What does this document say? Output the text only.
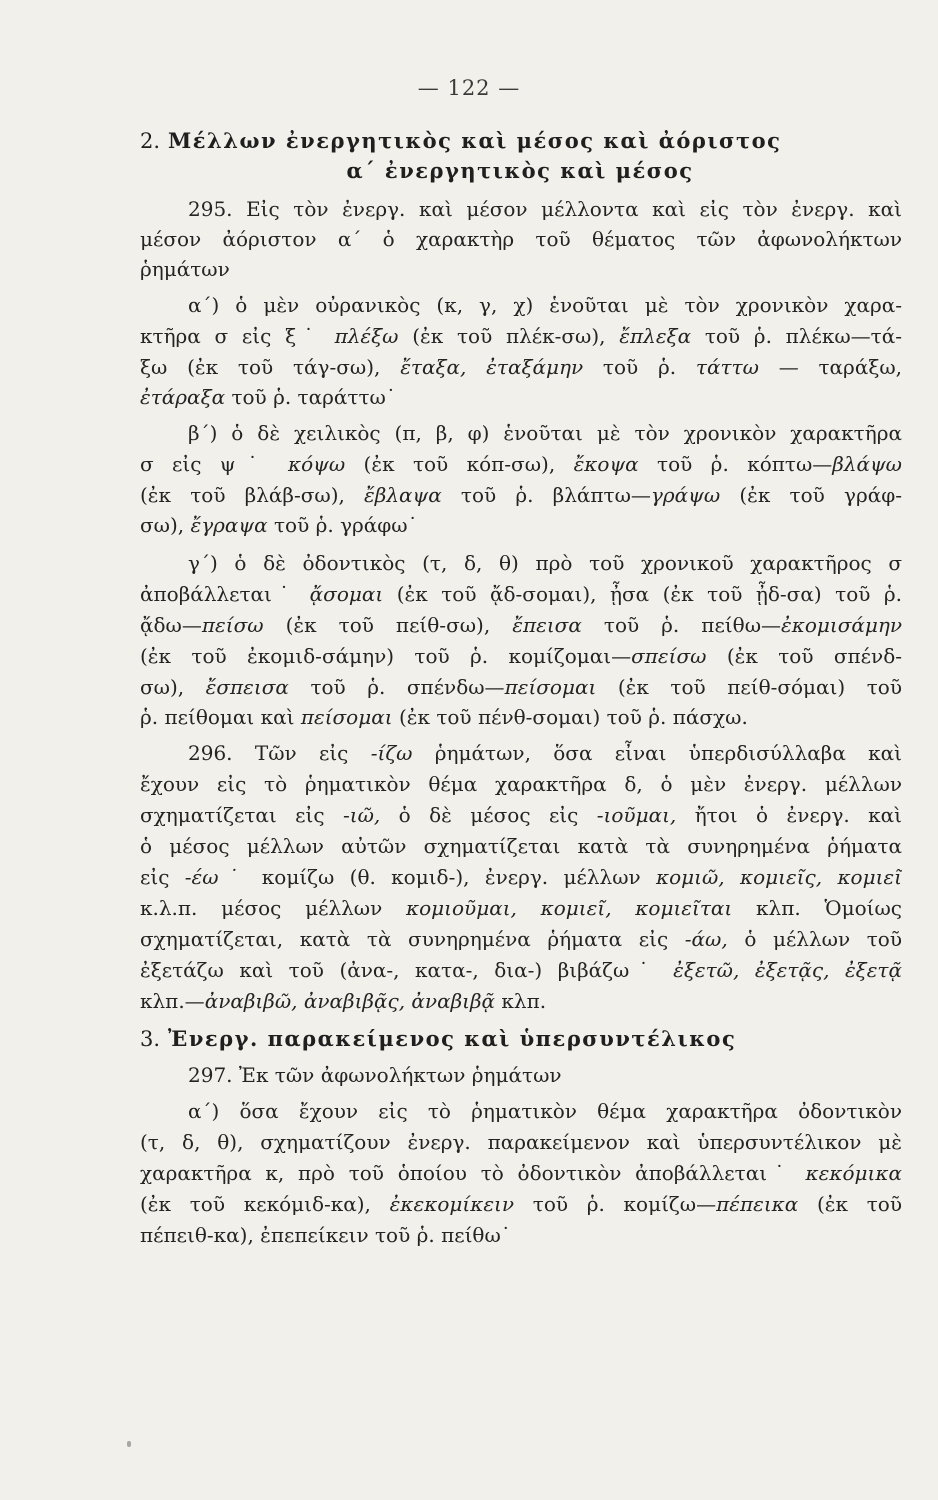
— 122 —
2. Μέλλων ἐνεργητικὸς καὶ μέσος καὶ ἀόριστος
α΄ ἐνεργητικὸς καὶ μέσος
295. Εἰς τὸν ἐνεργ. καὶ μέσον μέλλοντα καὶ εἰς τὸν ἐνεργ. καὶ
μέσον ἀόριστον α΄ ὁ χαρακτὴρ τοῦ θέματος τῶν ἀφωνολήκτων
ῥημάτων
α΄) ὁ μὲν οὐρανικὸς (κ, γ, χ) ἑνοῦται μὲ τὸν χρονικὸν χαρα-
κτῆρα σ εἰς ξ˙ πλέξω (ἐκ τοῦ πλέκ-σω), ἔπλεξα τοῦ ῥ. πλέκω—τά-
ξω (ἐκ τοῦ τάγ-σω), ἔταξα, ἐταξάμην τοῦ ῥ. τάττω — ταράξω,
ἐτάραξα τοῦ ῥ. ταράττω˙
β΄) ὁ δὲ χειλικὸς (π, β, φ) ἑνοῦται μὲ τὸν χρονικὸν χαρακτῆρα
σ εἰς ψ˙ κόψω (ἐκ τοῦ κόπ-σω), ἔκοψα τοῦ ῥ. κόπτω—βλάψω
(ἐκ τοῦ βλάβ-σω), ἔβλαψα τοῦ ῥ. βλάπτω—γράψω (ἐκ τοῦ γράφ-
σω), ἔγραψα τοῦ ῥ. γράφω˙
γ΄) ὁ δὲ ὀδοντικὸς (τ, δ, θ) πρὸ τοῦ χρονικοῦ χαρακτῆρος σ
ἀποβάλλεται˙ ᾄσομαι (ἐκ τοῦ ᾄδ-σομαι), ᾖσα (ἐκ τοῦ ᾖδ-σα) τοῦ ῥ.
ᾄδω—πείσω (ἐκ τοῦ πείθ-σω), ἔπεισα τοῦ ῥ. πείθω—ἐκομισάμην
(ἐκ τοῦ ἐκομιδ-σάμην) τοῦ ῥ. κομίζομαι—σπείσω (ἐκ τοῦ σπένδ-
σω), ἔσπεισα τοῦ ῥ. σπένδω—πείσομαι (ἐκ τοῦ πείθ-σόμαι) τοῦ
ῥ. πείθομαι καὶ πείσομαι (ἐκ τοῦ πένθ-σομαι) τοῦ ῥ. πάσχω.
296. Τῶν εἰς -ίζω ῥημάτων, ὅσα εἶναι ὑπερδισύλλαβα καὶ
ἔχουν εἰς τὸ ῥηματικὸν θέμα χαρακτῆρα δ, ὁ μὲν ἐνεργ. μέλλων
σχηματίζεται εἰς -ιῶ, ὁ δὲ μέσος εἰς -ιοῦμαι, ἤτοι ὁ ἐνεργ. καὶ
ὁ μέσος μέλλων αὐτῶν σχηματίζεται κατὰ τὰ συνηρημένα ῥήματα
εἰς -έω˙ κομίζω (θ. κομιδ-), ἐνεργ. μέλλων κομιῶ, κομιεῖς, κομιεῖ
κ.λ.π. μέσος μέλλων κομιοῦμαι, κομιεῖ, κομιεῖται κλπ. Ὁμοίως
σχηματίζεται, κατὰ τὰ συνηρημένα ῥήματα εἰς -άω, ὁ μέλλων τοῦ
ἐξετάζω καὶ τοῦ (ἀνα-, κατα-, δια-) βιβάζω˙ ἐξετῶ, ἐξετᾷς, ἐξετᾷ
κλπ.—ἀναβιβῶ, ἀναβιβᾷς, ἀναβιβᾷ κλπ.
3. Ἐνεργ. παρακείμενος καὶ ὑπερσυντέλικος
297. Ἐκ τῶν ἀφωνολήκτων ῥημάτων
α΄) ὅσα ἔχουν εἰς τὸ ῥηματικὸν θέμα χαρακτῆρα ὀδοντικὸν
(τ, δ, θ), σχηματίζουν ἐνεργ. παρακείμενον καὶ ὑπερσυντέλικον μὲ
χαρακτῆρα κ, πρὸ τοῦ ὁποίου τὸ ὀδοντικὸν ἀποβάλλεται˙ κεκόμικα
(ἐκ τοῦ κεκόμιδ-κα), ἐκεκομίκειν τοῦ ῥ. κομίζω—πέπεικα (ἐκ τοῦ
πέπειθ-κα), ἐπεπείκειν τοῦ ῥ. πείθω˙
